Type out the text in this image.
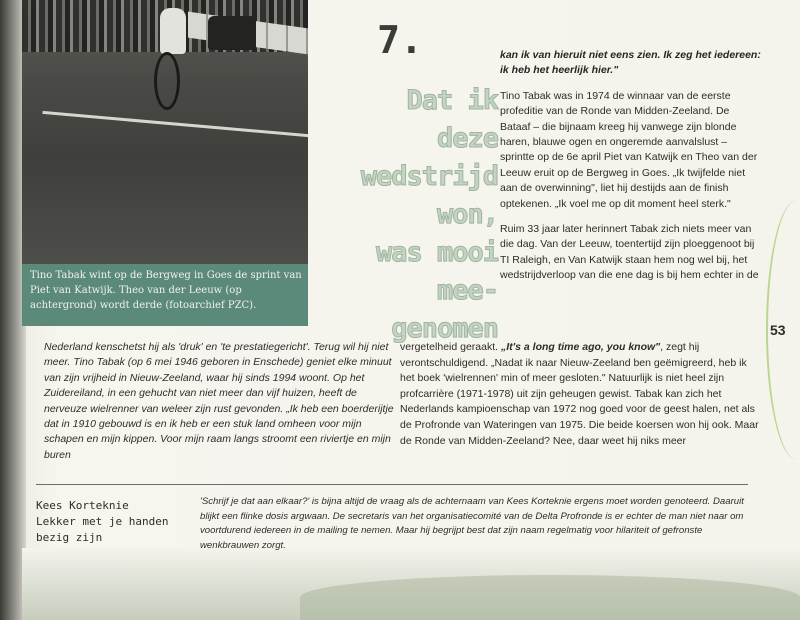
Tino Tabak wint op de Bergweg in Goes de sprint van Piet van Katwijk. Theo van der Leeuw (op achtergrond) wordt derde (fotoarchief PZC).
7.
Dat ik
deze
wedstrijd
won,
was mooi
mee-
genomen

kan ik van hieruit niet eens zien. Ik zeg het iedereen: ik heb het heerlijk hier."

Tino Tabak was in 1974 de winnaar van de eerste profeditie van de Ronde van Midden-Zeeland. De Bataaf – die bijnaam kreeg hij vanwege zijn blonde haren, blauwe ogen en ongeremde aanvalslust – sprintte op de 6e april Piet van Katwijk en Theo van der Leeuw eruit op de Bergweg in Goes. „Ik twijfelde niet aan de overwinning", liet hij destijds aan de finish optekenen. „Ik voel me op dit moment heel sterk."

Ruim 33 jaar later herinnert Tabak zich niets meer van die dag. Van der Leeuw, toentertijd zijn ploeggenoot bij TI Raleigh, en Van Katwijk staan hem nog wel bij, het wedstrijdverloop van die ene dag is bij hem echter in de

53
Nederland kenschetst hij als 'druk' en 'te prestatiegericht'. Terug wil hij niet meer. Tino Tabak (op 6 mei 1946 geboren in Enschede) geniet elke minuut van zijn vrijheid in Nieuw-Zeeland, waar hij sinds 1994 woont. Op het Zuidereiland, in een gehucht van niet meer dan vijf huizen, heeft de nerveuze wielrenner van weleer zijn rust gevonden. „Ik heb een boerderijtje dat in 1910 gebouwd is en ik heb er een stuk land omheen voor mijn schapen en mijn kippen. Voor mijn raam langs stroomt een riviertje en mijn buren
vergetelheid geraakt. „It's a long time ago, you know", zegt hij verontschuldigend. „Nadat ik naar Nieuw-Zeeland ben geëmigreerd, heb ik het boek 'wielrennen' min of meer gesloten." Natuurlijk is niet heel zijn profcarrière (1971-1978) uit zijn geheugen gewist. Tabak kan zich het Nederlands kampioenschap van 1972 nog goed voor de geest halen, net als de Profronde van Wateringen van 1975. Die beide koersen won hij ook. Maar de Ronde van Midden-Zeeland? Nee, daar weet hij niks meer
Kees Korteknie
Lekker met je handen
bezig zijn
'Schrijf je dat aan elkaar?' is bijna altijd de vraag als de achternaam van Kees Korteknie ergens moet worden genoteerd. Daaruit blijkt een flinke dosis argwaan. De secretaris van het organisatiecomité van de Delta Profronde is er echter de man niet naar om voortdurend iedereen in de mailing te nemen. Maar hij begrijpt best dat zijn naam regelmatig voor hilariteit of gefronste wenkbrauwen zorgt.
